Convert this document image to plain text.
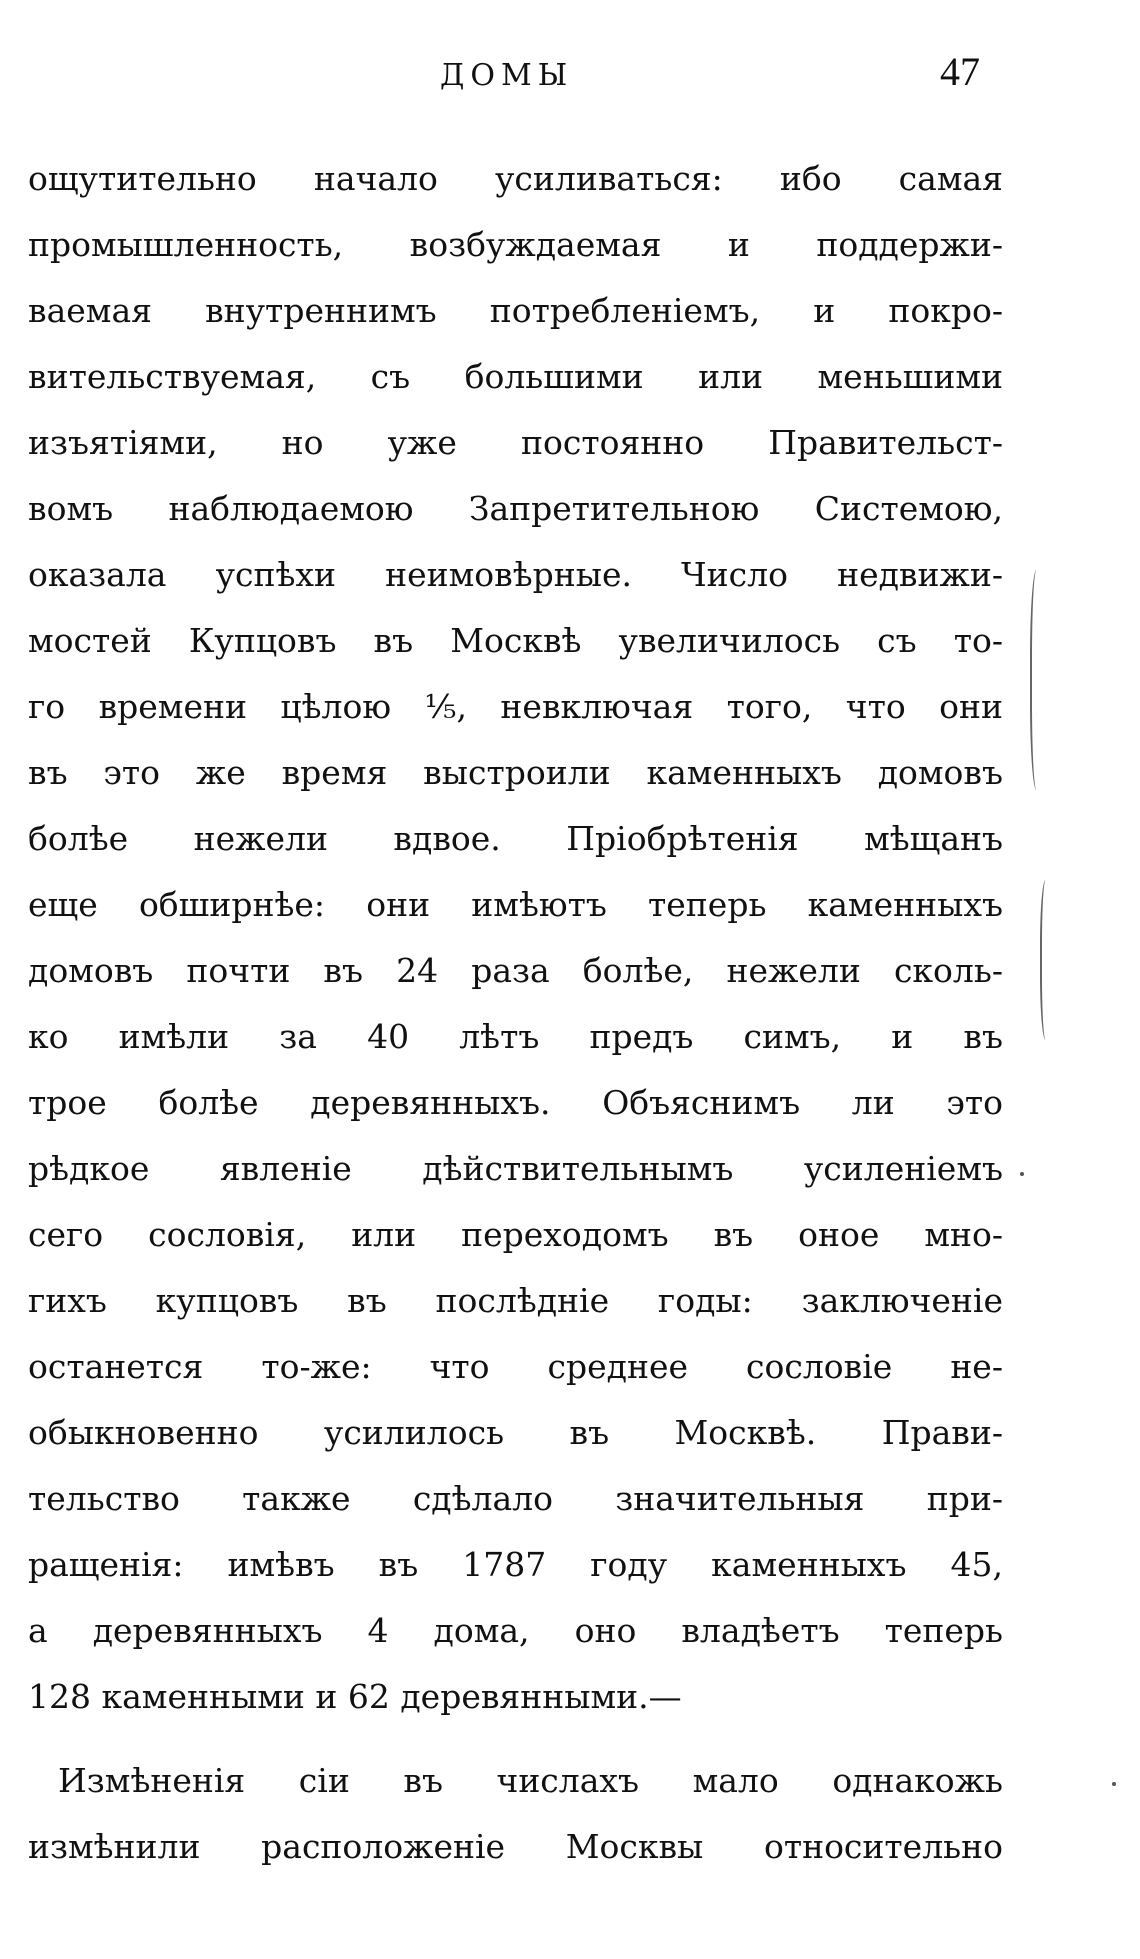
ДОМЫ	47
ощутительно начало усиливаться: ибо самая
промышленность, возбуждаемая и поддержи-
ваемая внутреннимъ потребленіемъ, и покро-
вительствуемая, съ большими или меньшими
изъятіями, но уже постоянно Правительст-
вомъ наблюдаемою Запретительною Системою,
оказала успѣхи неимовѣрные. Число недвижи-
мостей Купцовъ въ Москвѣ увеличилось съ то-
го времени цѣлою ⅕, невключая того, что они
въ это же время выстроили каменныхъ домовъ
болѣе нежели вдвое. Пріобрѣтенія мѣщанъ
еще обширнѣе: они имѣютъ теперь каменныхъ
домовъ почти въ 24 раза болѣе, нежели сколь-
ко имѣли за 40 лѣтъ предъ симъ, и въ
трое болѣе деревянныхъ. Объяснимъ ли это
рѣдкое явленіе дѣйствительнымъ усиленіемъ
сего сословія, или переходомъ въ оное мно-
гихъ купцовъ въ послѣдніе годы: заключеніе
останется то-же: что среднее сословіе не-
обыкновенно усилилось въ Москвѣ. Прави-
тельство также сдѣлало значительныя при-
ращенія: имѣвъ въ 1787 году каменныхъ 45,
а деревянныхъ 4 дома, оно владѣетъ теперь
128 каменными и 62 деревянными.—
Измѣненія сіи въ числахъ мало однакожь
измѣнили расположеніе Москвы относительно
